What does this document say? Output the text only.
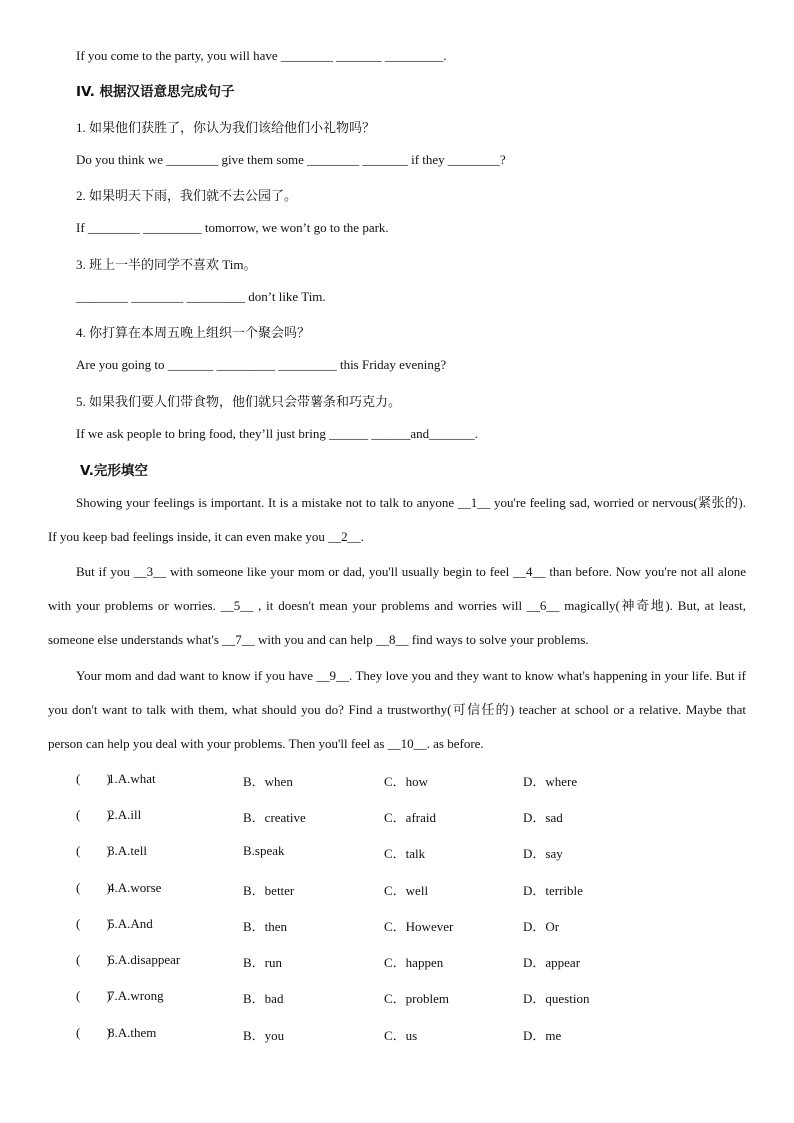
If you come to the party, you will have ________ _______ _________.
IV. 根据汉语意思完成句子
1. 如果他们获胜了，你认为我们该给他们小礼物吗？
Do you think we ________ give them some ________ _______ if they ________?
2. 如果明天下雨，我们就不去公园了。
If ________ _________ tomorrow, we won’t go to the park.
3. 班上一半的同学不喜欢 Tim。
________ ________ _________ don’t like Tim.
4. 你打算在本周五晚上组织一个聚会吗？
Are you going to _______ _________ _________ this Friday evening?
5. 如果我们要人们带食物，他们就只会带薯条和巧克力。
If we ask people to bring food, they’ll just bring ______ ______and_______.
V.完形填空
Showing your feelings is important. It is a mistake not to talk to anyone __1__ you're feeling sad, worried or nervous(紧张的). If you keep bad feelings inside, it can even make you __2__.
But if you __3__ with someone like your mom or dad, you'll usually begin to feel __4__ than before. Now you're not all alone with your problems or worries. __5__ , it doesn't mean your problems and worries will __6__ magically(神奇地). But, at least, someone else understands what's __7__ with you and can help __8__ find ways to solve your problems.
Your mom and dad want to know if you have __9__. They love you and they want to know what's happening in your life. But if you don't want to talk with them, what should you do? Find a trustworthy(可信任的) teacher at school or a relative. Maybe that person can help you deal with your problems. Then you'll feel as __10__. as before.
(        )
1.A.what	B．when	C．how	D．where
(        )
2.A.ill	B．creative	C．afraid	D．sad
(        )
3.A.tell	B.speak	C．talk	D．say
(        )
4.A.worse	B．better	C．well	D．terrible
(        )
5.A.And	B．then	C．However	D．Or
(        )
6.A.disappear	B．run	C．happen	D．appear
(        )
7.A.wrong	B．bad	C．problem	D．question
(        )
8.A.them	B．you	C．us	D．me
